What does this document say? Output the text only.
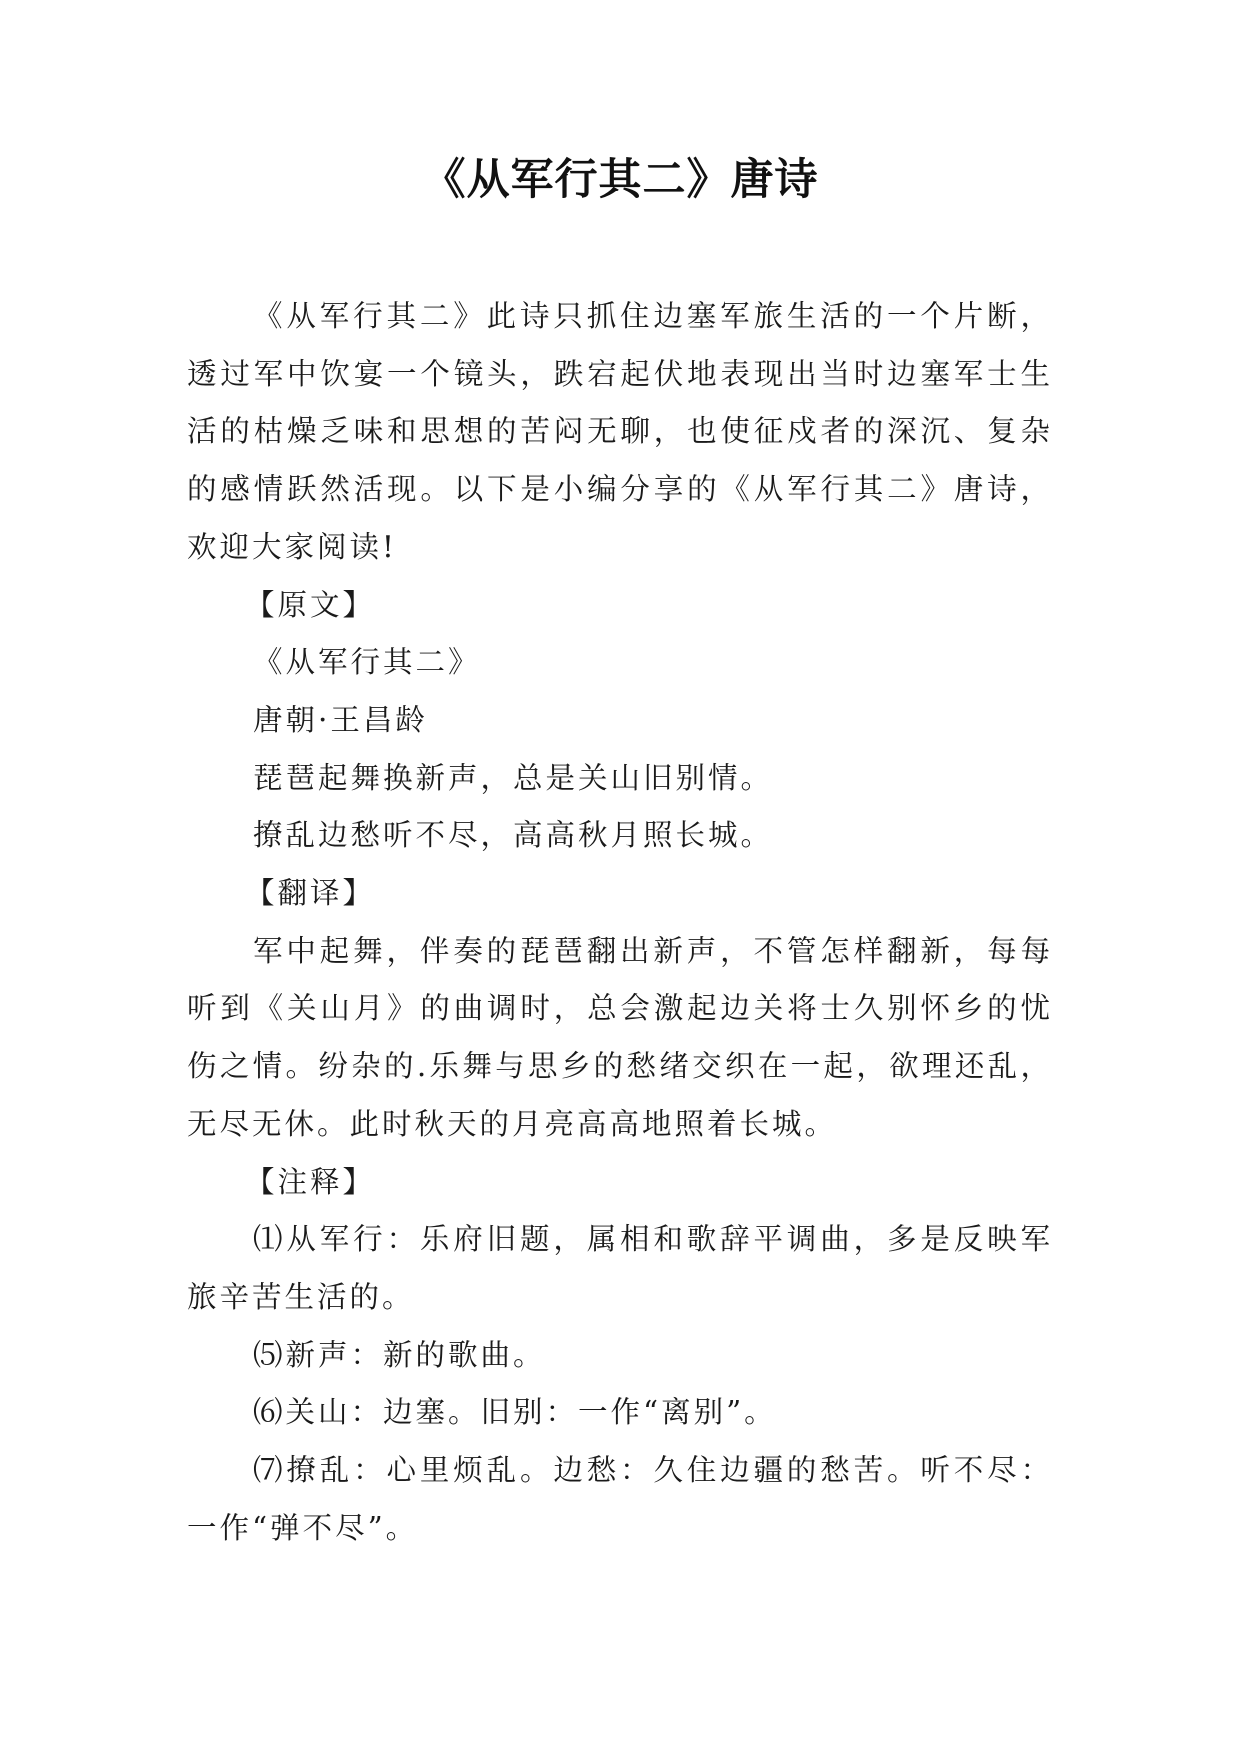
《从军行其二》唐诗

《从军行其二》此诗只抓住边塞军旅生活的一个片断，透过军中饮宴一个镜头，跌宕起伏地表现出当时边塞军士生活的枯燥乏味和思想的苦闷无聊，也使征戍者的深沉、复杂的感情跃然活现。以下是小编分享的《从军行其二》唐诗，欢迎大家阅读!

【原文】

《从军行其二》

唐朝·王昌龄

琵琶起舞换新声，总是关山旧别情。

撩乱边愁听不尽，高高秋月照长城。

【翻译】

军中起舞，伴奏的琵琶翻出新声，不管怎样翻新，每每听到《关山月》的曲调时，总会激起边关将士久别怀乡的忧伤之情。纷杂的.乐舞与思乡的愁绪交织在一起，欲理还乱，无尽无休。此时秋天的月亮高高地照着长城。

【注释】

⑴从军行：乐府旧题，属相和歌辞平调曲，多是反映军旅辛苦生活的。

⑸新声：新的歌曲。

⑹关山：边塞。旧别：一作“离别”。

⑺撩乱：心里烦乱。边愁：久住边疆的愁苦。听不尽：一作“弹不尽”。
